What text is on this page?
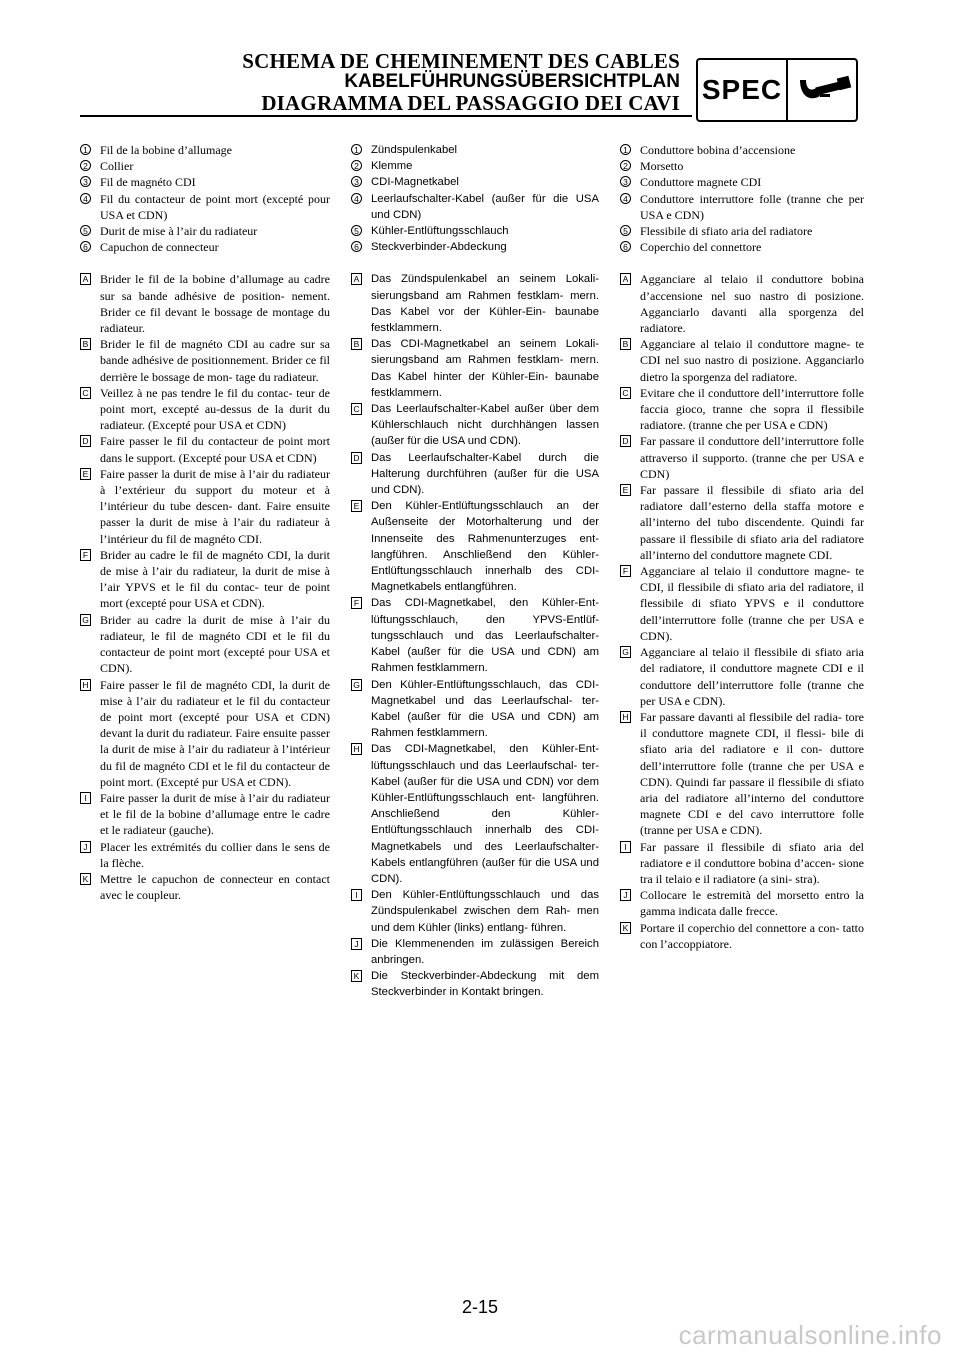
SCHEMA DE CHEMINEMENT DES CABLES
KABELFÜHRUNGSÜBERSICHTPLAN
DIAGRAMMA DEL PASSAGGIO DEI CAVI SPEC
1 Fil de la bobine d’allumage
2 Collier
3 Fil de magnéto CDI
4 Fil du contacteur de point mort (excepté pour USA et CDN)
5 Durit de mise à l’air du radiateur
6 Capuchon de connecteur
A Brider le fil de la bobine d’allumage au cadre sur sa bande adhésive de position- nement. Brider ce fil devant le bossage de montage du radiateur.
B Brider le fil de magnéto CDI au cadre sur sa bande adhésive de positionnement. Brider ce fil derrière le bossage de mon- tage du radiateur.
C Veillez à ne pas tendre le fil du contac- teur de point mort, excepté au-dessus de la durit du radiateur. (Excepté pour USA et CDN)
D Faire passer le fil du contacteur de point mort dans le support. (Excepté pour USA et CDN)
E Faire passer la durit de mise à l’air du radiateur à l’extérieur du support du moteur et à l’intérieur du tube descen- dant. Faire ensuite passer la durit de mise à l’air du radiateur à l’intérieur du fil de magnéto CDI.
F Brider au cadre le fil de magnéto CDI, la durit de mise à l’air du radiateur, la durit de mise à l’air YPVS et le fil du contac- teur de point mort (excepté pour USA et CDN).
G Brider au cadre la durit de mise à l’air du radiateur, le fil de magnéto CDI et le fil du contacteur de point mort (excepté pour USA et CDN).
H Faire passer le fil de magnéto CDI, la durit de mise à l’air du radiateur et le fil du contacteur de point mort (excepté pour USA et CDN) devant la durit du radiateur. Faire ensuite passer la durit de mise à l’air du radiateur à l’intérieur du fil de magnéto CDI et le fil du contacteur de point mort. (Excepté pur USA et CDN).
I	Faire passer la durit de mise à l’air du radiateur et le fil de la bobine d’allumage entre le cadre et le radiateur (gauche).
J Placer les extrémités du collier dans le sens de la flèche.
K Mettre le capuchon de connecteur en contact avec le coupleur.
1 Zündspulenkabel
2 Klemme
3 CDI-Magnetkabel
4 Leerlaufschalter-Kabel (außer für die USA und CDN)
5 Kühler-Entlüftungsschlauch
6 Steckverbinder-Abdeckung
A Das Zündspulenkabel an seinem Lokali- sierungsband am Rahmen festklam- mern. Das Kabel vor der Kühler-Ein- baunabe festklammern.
B Das CDI-Magnetkabel an seinem Lokali- sierungsband am Rahmen festklam- mern. Das Kabel hinter der Kühler-Ein- baunabe festklammern.
C Das Leerlaufschalter-Kabel außer über dem Kühlerschlauch nicht durchhängen lassen (außer für die USA und CDN).
D Das Leerlaufschalter-Kabel durch die Halterung durchführen (außer für die USA und CDN).
E Den Kühler-Entlüftungsschlauch an der Außenseite der Motorhalterung und der Innenseite des Rahmenunterzuges ent- langführen. Anschließend den Kühler- Entlüftungsschlauch innerhalb des CDI- Magnetkabels entlangführen.
F Das CDI-Magnetkabel, den Kühler-Ent- lüftungsschlauch, den YPVS-Entlüf- tungsschlauch und das Leerlaufschalter- Kabel (außer für die USA und CDN) am Rahmen festklammern.
G Den Kühler-Entlüftungsschlauch, das CDI-Magnetkabel und das Leerlaufschal- ter-Kabel (außer für die USA und CDN) am Rahmen festklammern.
H Das CDI-Magnetkabel, den Kühler-Ent- lüftungsschlauch und das Leerlaufschal- ter-Kabel (außer für die USA und CDN) vor dem Kühler-Entlüftungsschlauch ent- langführen. Anschließend den Kühler- Entlüftungsschlauch innerhalb des CDI- Magnetkabels und des Leerlaufschalter- Kabels entlangführen (außer für die USA und CDN).
I	Den Kühler-Entlüftungsschlauch und das Zündspulenkabel zwischen dem Rah- men und dem Kühler (links) entlang- führen.
J Die Klemmenenden im zulässigen Bereich anbringen.
K Die Steckverbinder-Abdeckung mit dem Steckverbinder in Kontakt bringen.
1 Conduttore bobina d’accensione
2 Morsetto
3 Conduttore magnete CDI
4 Conduttore interruttore folle (tranne che per USA e CDN)
5 Flessibile di sfiato aria del radiatore
6 Coperchio del connettore
A Agganciare al telaio il conduttore bobina d’accensione nel suo nastro di posizione. Agganciarlo davanti alla sporgenza del radiatore.
B Agganciare al telaio il conduttore magne- te CDI nel suo nastro di posizione. Agganciarlo dietro la sporgenza del radiatore.
C Evitare che il conduttore dell’interruttore folle faccia gioco, tranne che sopra il flessibile radiatore. (tranne che per USA e CDN)
D Far passare il conduttore dell’interruttore folle attraverso il supporto. (tranne che per USA e CDN)
E Far passare il flessibile di sfiato aria del radiatore dall’esterno della staffa motore e all’interno del tubo discendente. Quindi far passare il flessibile di sfiato aria del radiatore all’interno del conduttore magnete CDI.
F Agganciare al telaio il conduttore magne- te CDI, il flessibile di sfiato aria del radiatore, il flessibile di sfiato YPVS e il conduttore dell’interruttore folle (tranne che per USA e CDN).
G Agganciare al telaio il flessibile di sfiato aria del radiatore, il conduttore magnete CDI e il conduttore dell’interruttore folle (tranne che per USA e CDN).
H Far passare davanti al flessibile del radia- tore il conduttore magnete CDI, il flessi- bile di sfiato aria del radiatore e il con- duttore dell’interruttore folle (tranne che per USA e CDN). Quindi far passare il flessibile di sfiato aria del radiatore all’interno del conduttore magnete CDI e del cavo interruttore folle (tranne per USA e CDN).
I	Far passare il flessibile di sfiato aria del radiatore e il conduttore bobina d’accen- sione tra il telaio e il radiatore (a sini- stra).
J Collocare le estremità del morsetto entro la gamma indicata dalle frecce.
K Portare il coperchio del connettore a con- tatto con l’accoppiatore.
2-15
carmanualsonline.info
